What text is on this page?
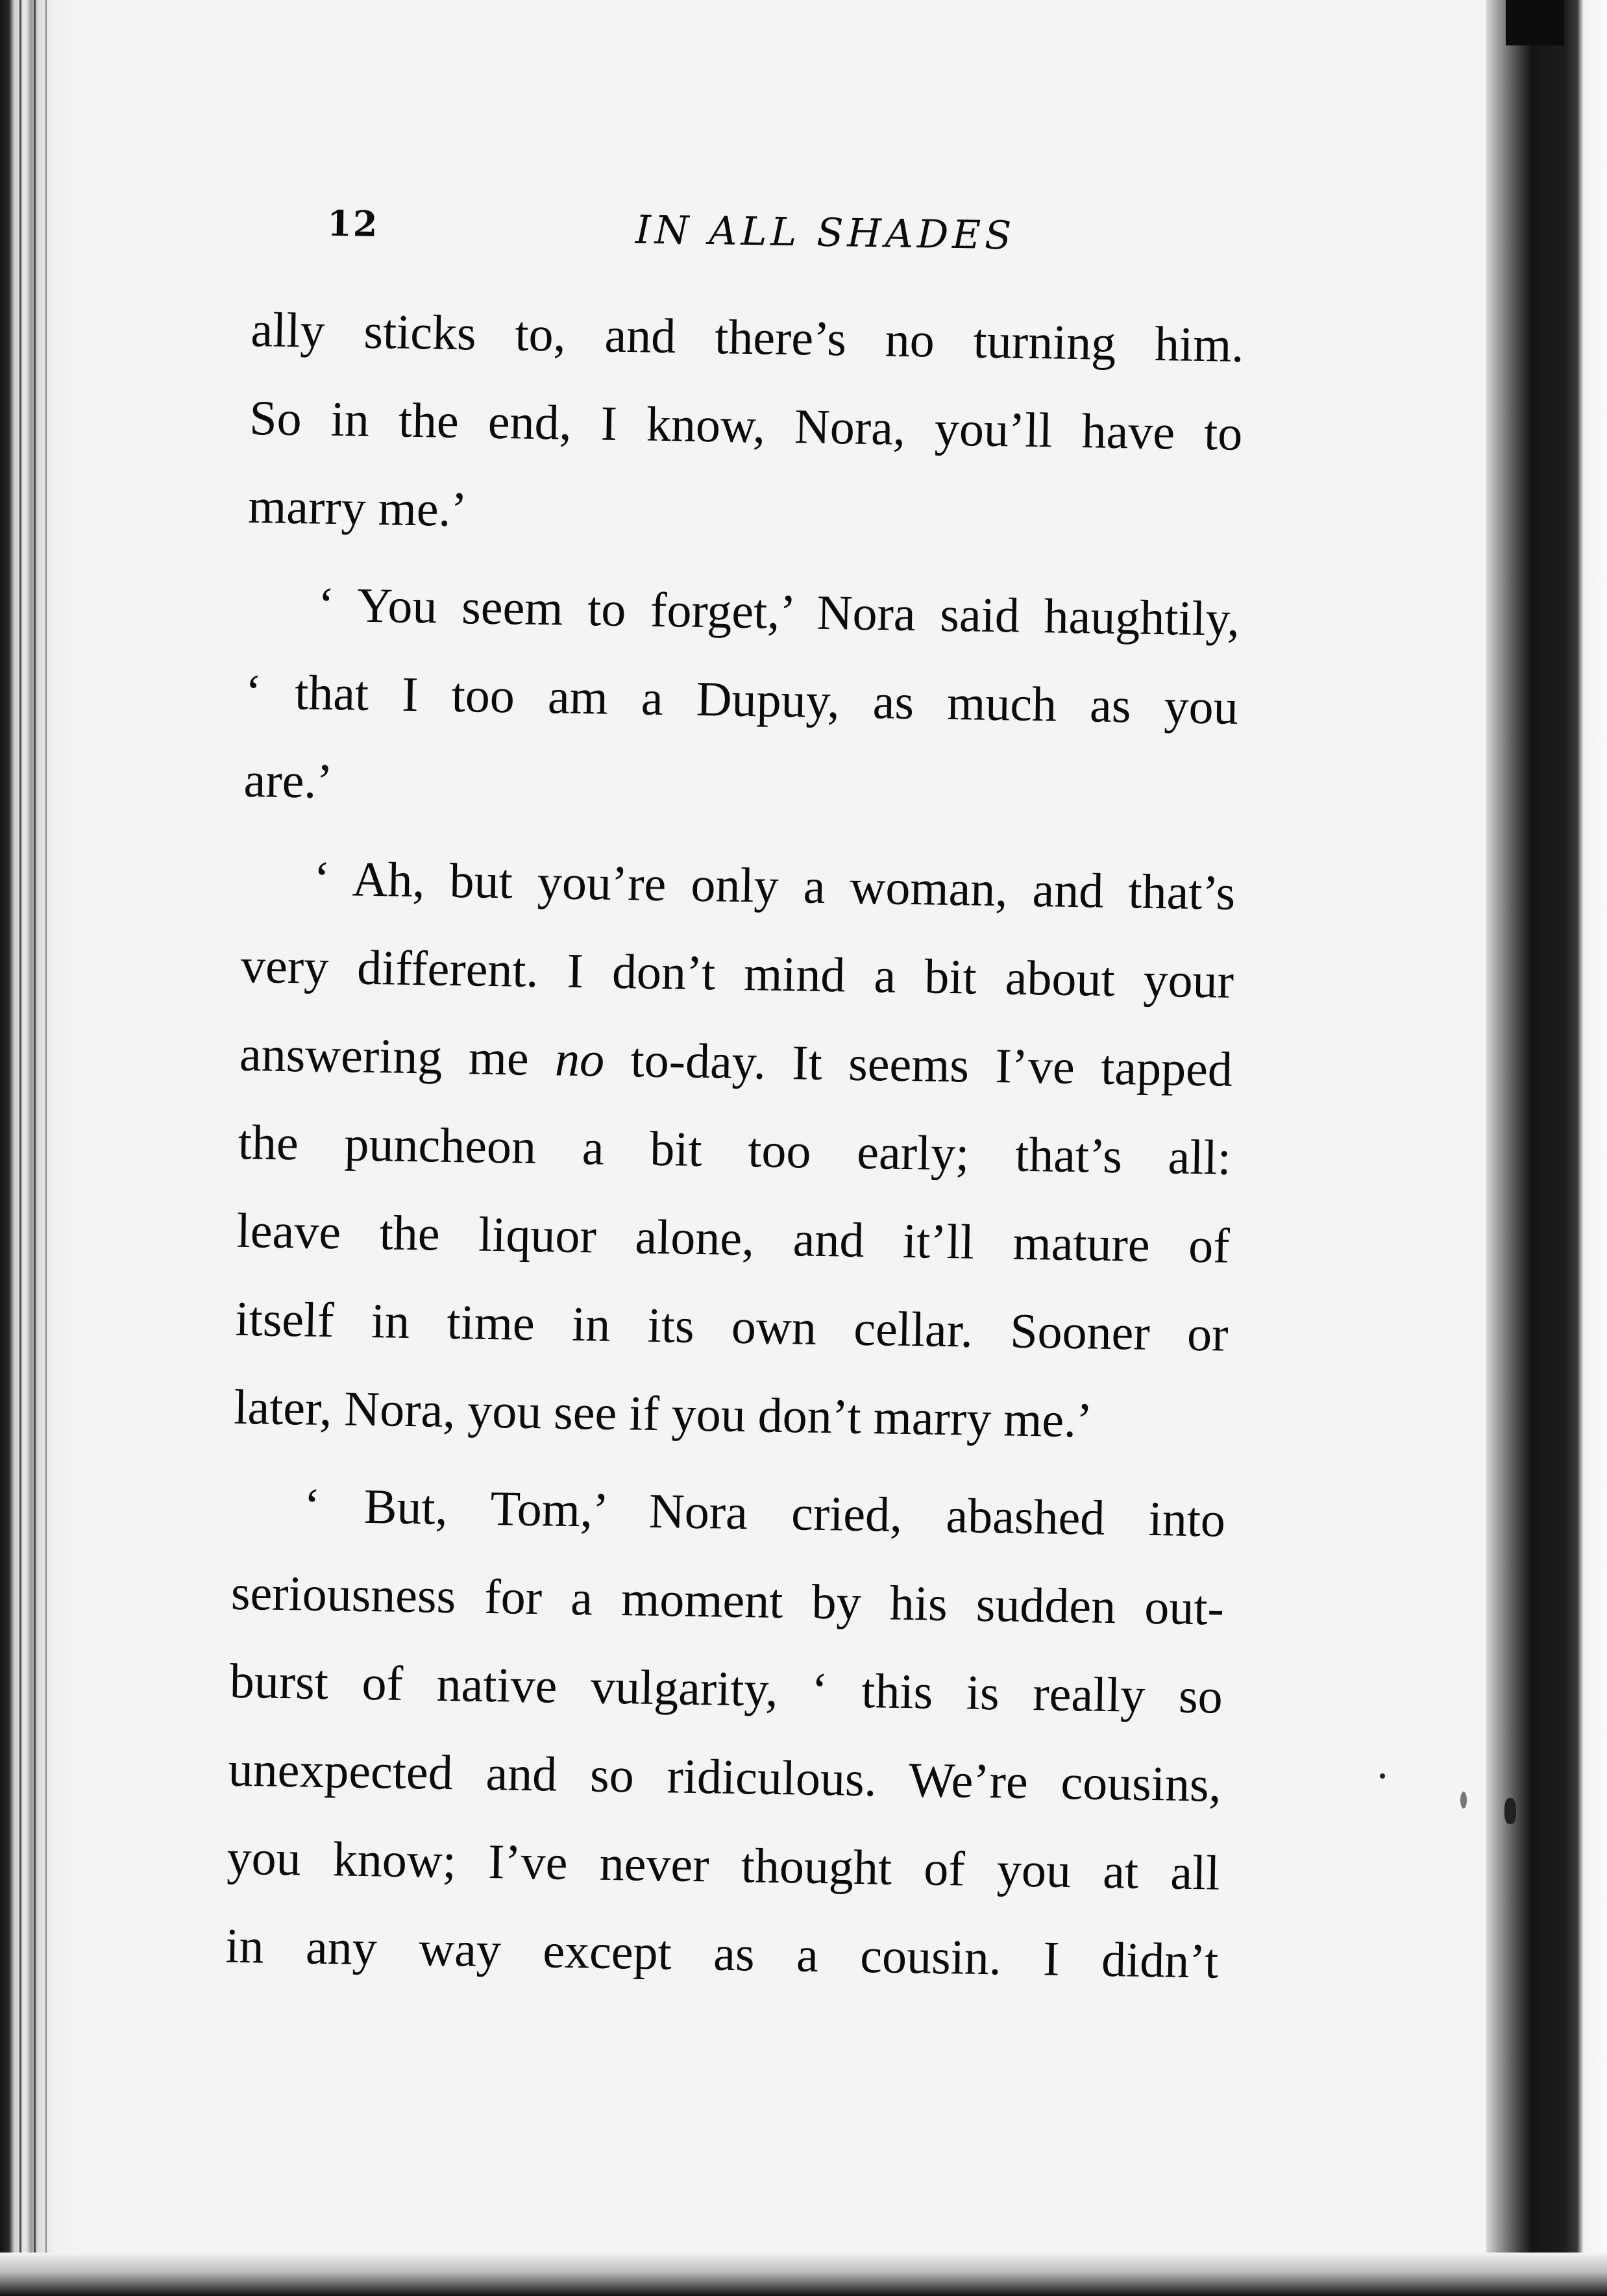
12	IN ALL SHADES
ally sticks to, and there’s no turning him.
So in the end, I know, Nora, you’ll have to
marry me.’
‘ You seem to forget,’ Nora said haughtily,
‘ that I too am a Dupuy, as much as you
are.’
‘ Ah, but you’re only a woman, and that’s
very different. I don’t mind a bit about your
answering me no to-day. It seems I’ve tapped
the puncheon a bit too early; that’s all:
leave the liquor alone, and it’ll mature of
itself in time in its own cellar. Sooner or
later, Nora, you see if you don’t marry me.’
‘ But, Tom,’ Nora cried, abashed into
seriousness for a moment by his sudden out-
burst of native vulgarity, ‘ this is really so
unexpected and so ridiculous. We’re cousins,
you know; I’ve never thought of you at all
in any way except as a cousin. I didn’t
